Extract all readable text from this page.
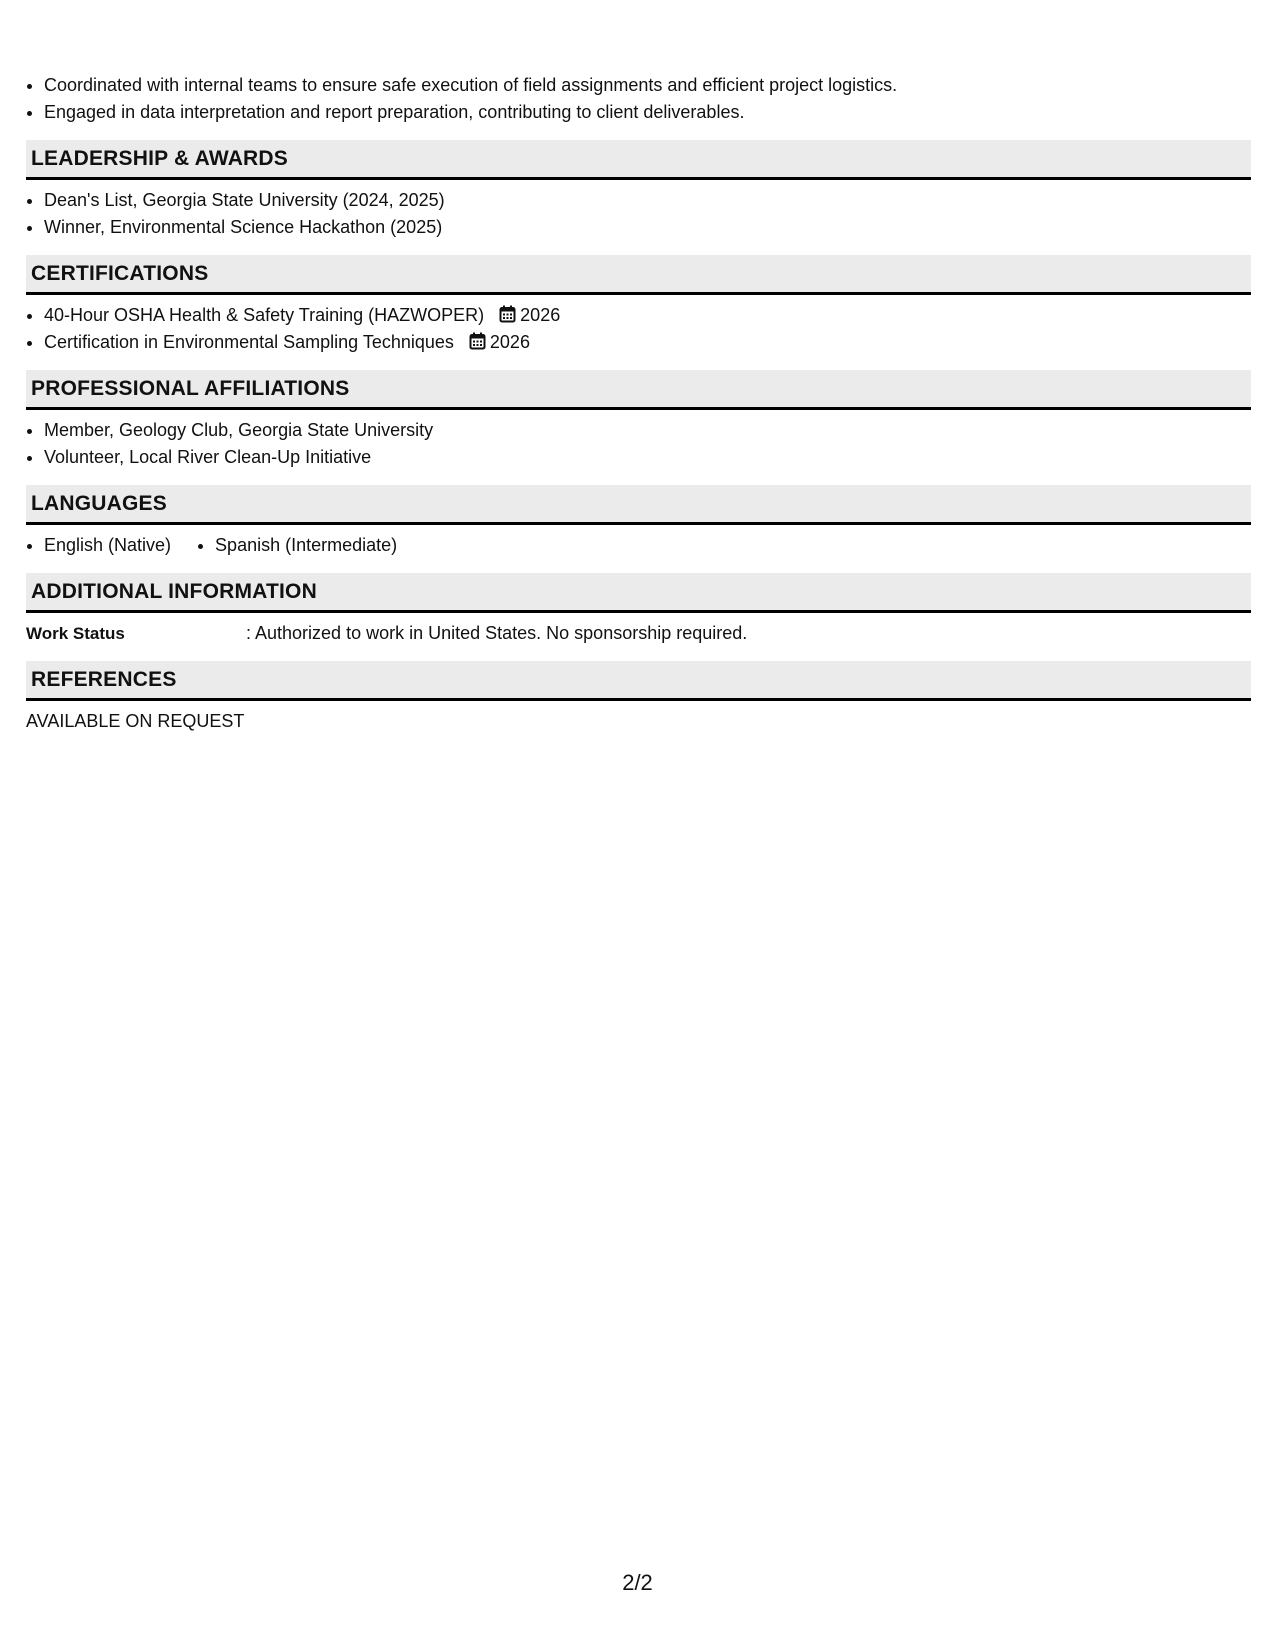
• Coordinated with internal teams to ensure safe execution of field assignments and efficient project logistics.
• Engaged in data interpretation and report preparation, contributing to client deliverables.
LEADERSHIP & AWARDS
• Dean's List, Georgia State University (2024, 2025)
• Winner, Environmental Science Hackathon (2025)
CERTIFICATIONS
• 40-Hour OSHA Health & Safety Training (HAZWOPER) 2026
• Certification in Environmental Sampling Techniques 2026
PROFESSIONAL AFFILIATIONS
• Member, Geology Club, Georgia State University
• Volunteer, Local River Clean-Up Initiative
LANGUAGES
• English (Native)
• Spanish (Intermediate)
ADDITIONAL INFORMATION
Work Status	: Authorized to work in United States. No sponsorship required.
REFERENCES
AVAILABLE ON REQUEST
2/2
